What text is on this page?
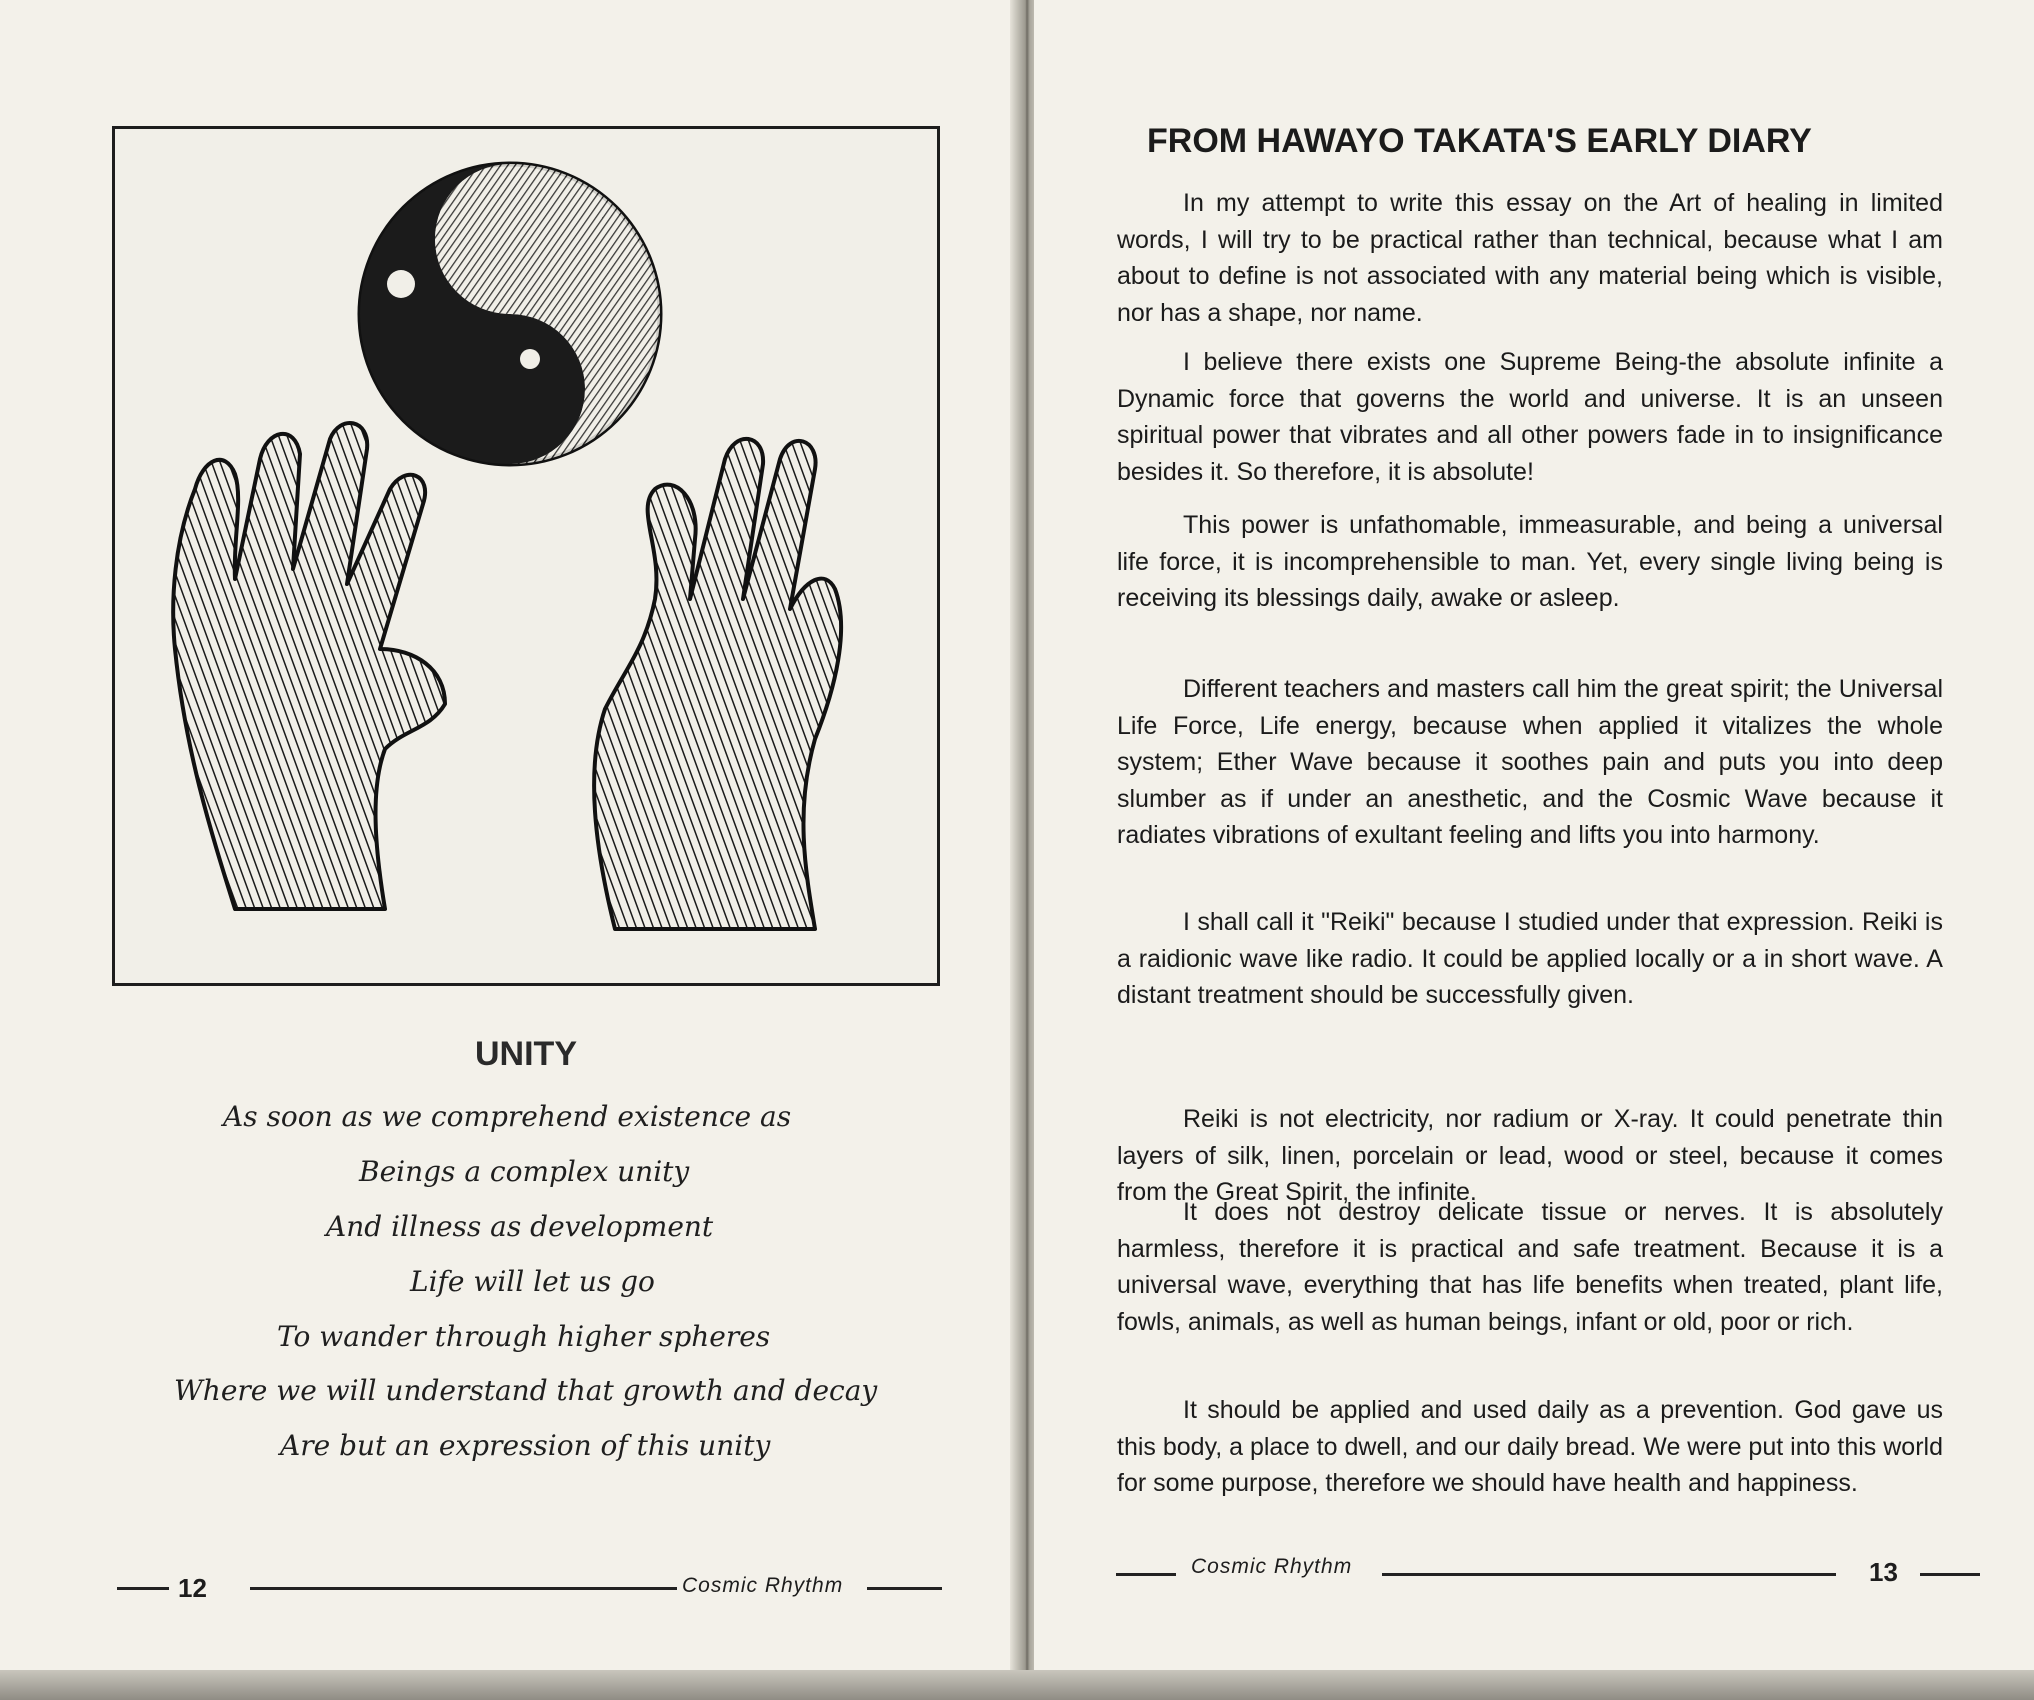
UNITY
As soon as we comprehend existence as
Beings a complex unity
And illness as development
Life will let us go
To wander through higher spheres
Where we will understand that growth and decay
Are but an expression of this unity
12	Cosmic Rhythm
FROM HAWAYO TAKATA'S EARLY DIARY
In my attempt to write this essay on the Art of healing in limited words, I will try to be practical rather than technical, because what I am about to define is not associated with any material being which is visible, nor has a shape, nor name.
I believe there exists one Supreme Being-the absolute infinite a Dynamic force that governs the world and universe. It is an unseen spiritual power that vibrates and all other powers fade in to insignificance besides it. So therefore, it is absolute!
This power is unfathomable, immeasurable, and being a universal life force, it is incomprehensible to man. Yet, every single living being is receiving its blessings daily, awake or asleep.
Different teachers and masters call him the great spirit; the Universal Life Force, Life energy, because when applied it vitalizes the whole system; Ether Wave because it soothes pain and puts you into deep slumber as if under an anesthetic, and the Cosmic Wave because it radiates vibrations of exultant feeling and lifts you into harmony.
I shall call it "Reiki" because I studied under that expression. Reiki is a raidionic wave like radio. It could be applied locally or a in short wave. A distant treatment should be successfully given.
Reiki is not electricity, nor radium or X-ray. It could penetrate thin layers of silk, linen, porcelain or lead, wood or steel, because it comes from the Great Spirit, the infinite.
It does not destroy delicate tissue or nerves. It is absolutely harmless, therefore it is practical and safe treatment. Because it is a universal wave, everything that has life benefits when treated, plant life, fowls, animals, as well as human beings, infant or old, poor or rich.
It should be applied and used daily as a prevention. God gave us this body, a place to dwell, and our daily bread. We were put into this world for some purpose, therefore we should have health and happiness.
Cosmic Rhythm	13
